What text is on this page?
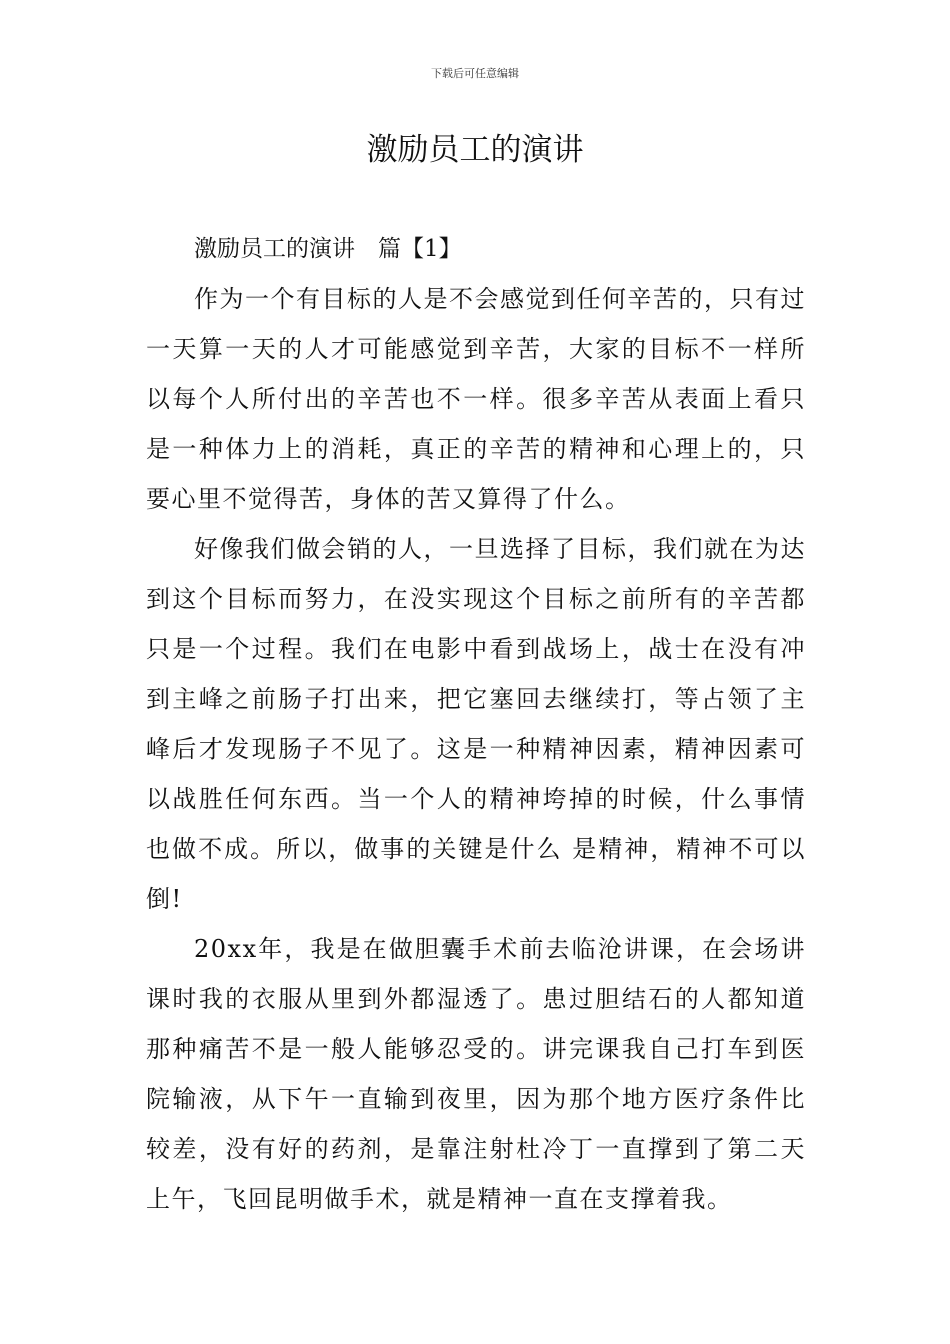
下载后可任意编辑
激励员工的演讲

激励员工的演讲　篇【1】

作为一个有目标的人是不会感觉到任何辛苦的，只有过一天算一天的人才可能感觉到辛苦，大家的目标不一样所以每个人所付出的辛苦也不一样。很多辛苦从表面上看只是一种体力上的消耗，真正的辛苦的精神和心理上的，只要心里不觉得苦，身体的苦又算得了什么。

好像我们做会销的人，一旦选择了目标，我们就在为达到这个目标而努力，在没实现这个目标之前所有的辛苦都只是一个过程。我们在电影中看到战场上，战士在没有冲到主峰之前肠子打出来，把它塞回去继续打，等占领了主峰后才发现肠子不见了。这是一种精神因素，精神因素可以战胜任何东西。当一个人的精神垮掉的时候，什么事情也做不成。所以，做事的关键是什么 是精神，精神不可以倒!

20xx年，我是在做胆囊手术前去临沧讲课，在会场讲课时我的衣服从里到外都湿透了。患过胆结石的人都知道那种痛苦不是一般人能够忍受的。讲完课我自己打车到医院输液，从下午一直输到夜里，因为那个地方医疗条件比较差，没有好的药剂，是靠注射杜冷丁一直撑到了第二天上午，飞回昆明做手术，就是精神一直在支撑着我。
